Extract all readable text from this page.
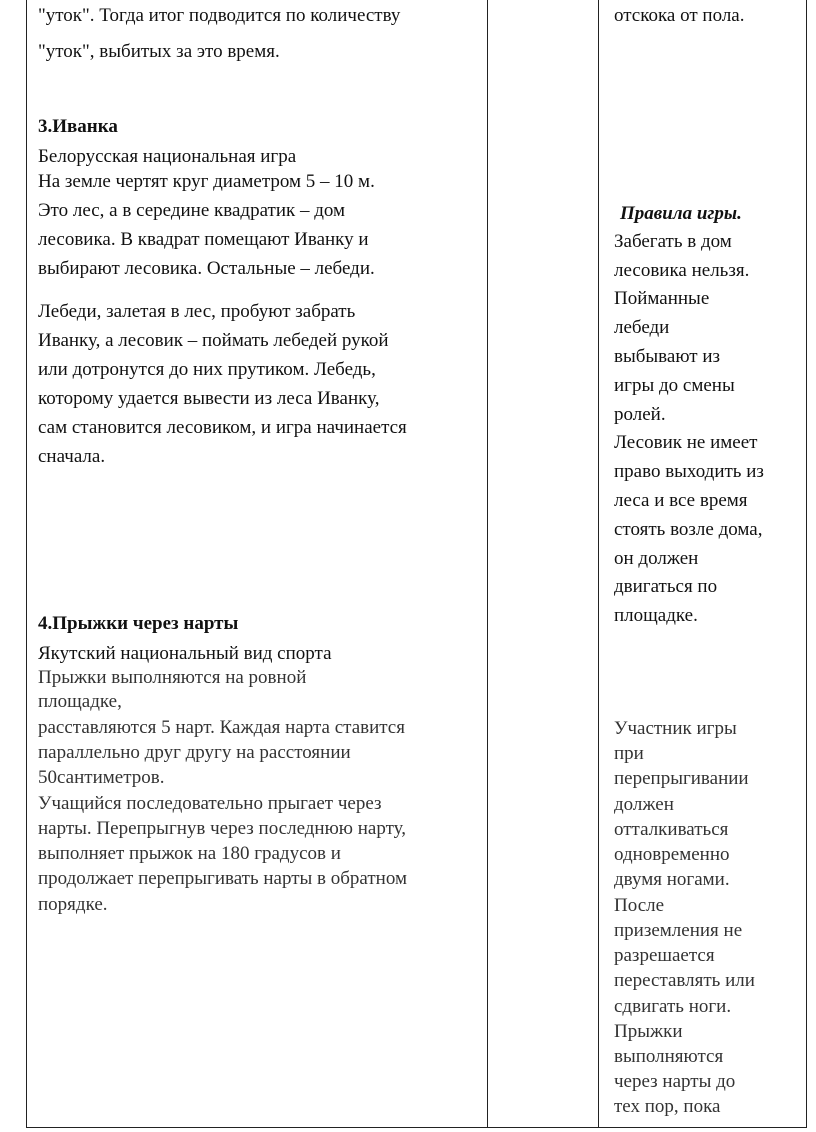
"уток". Тогда итог подводится по количеству
"уток", выбитых за это время.
3.Иванка
Белорусская национальная игра
На земле чертят круг диаметром 5 – 10 м.
Это лес, а в середине квадратик – дом
лесовика. В квадрат помещают Иванку и
выбирают лесовика. Остальные – лебеди.
Лебеди, залетая в лес, пробуют забрать
Иванку, а лесовик – поймать лебедей рукой
или дотронутся до них прутиком. Лебедь,
которому удается вывести из леса Иванку,
сам становится лесовиком, и игра начинается
сначала.
4.Прыжки через нарты
Якутский национальный вид спорта
Прыжки выполняются на ровной
площадке,
расставляются 5 нарт. Каждая нарта ставится
параллельно друг другу на расстоянии
50сантиметров.
Учащийся последовательно прыгает через
нарты. Перепрыгнув через последнюю нарту,
выполняет прыжок на 180 градусов и
продолжает перепрыгивать нарты в обратном
порядке.
отскока от пола.
Правила игры.
Забегать в дом
лесовика нельзя.
Пойманные
лебеди
выбывают из
игры до смены
ролей.
Лесовик не имеет
право выходить из
леса и все время
стоять возле дома,
он должен
двигаться по
площадке.
Участник игры
при
перепрыгивании
должен
отталкиваться
одновременно
двумя ногами.
После
приземления не
разрешается
переставлять или
сдвигать ноги.
Прыжки
выполняются
через нарты до
тех пор, пока
